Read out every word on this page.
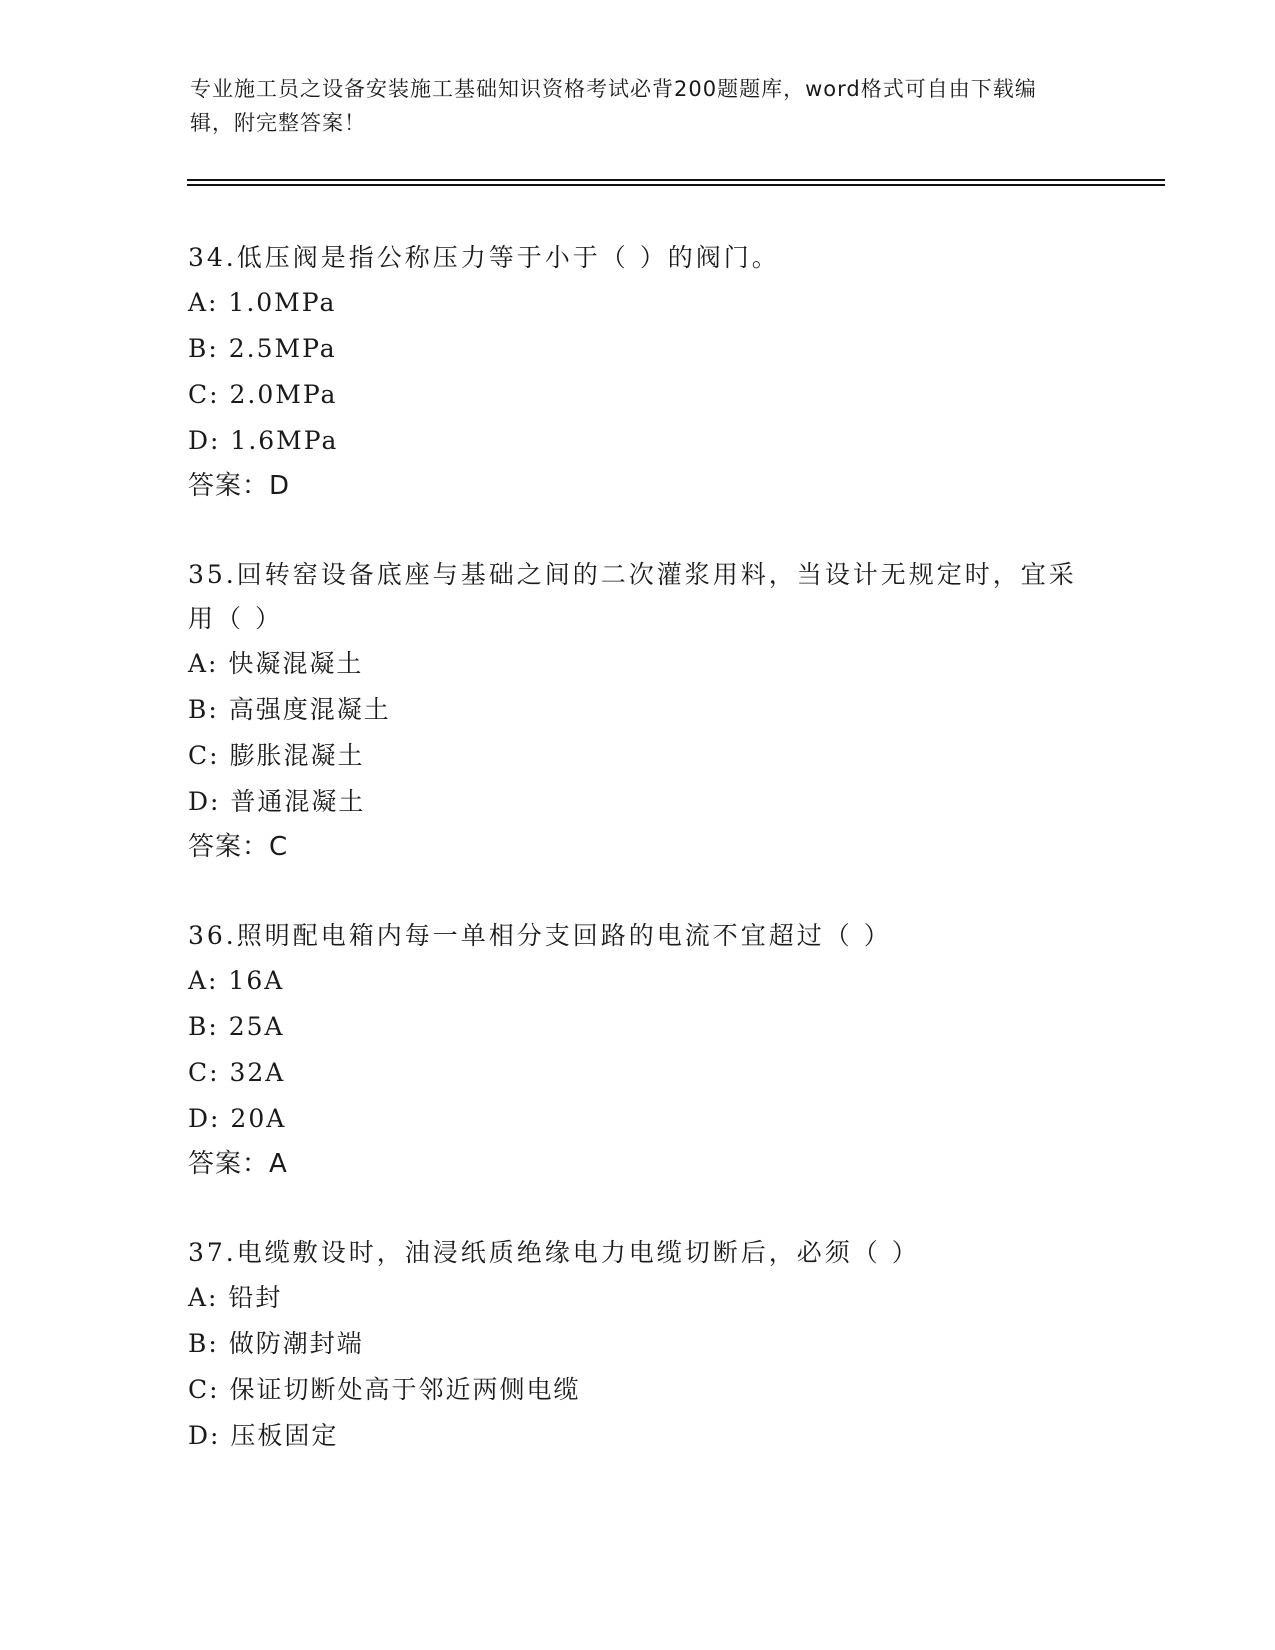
专业施工员之设备安装施工基础知识资格考试必背200题题库，word格式可自由下载编辑，附完整答案！

34.低压阀是指公称压力等于小于（ ）的阀门。

A: 1.0MPa

B: 2.5MPa

C: 2.0MPa

D: 1.6MPa

答案：D

35.回转窑设备底座与基础之间的二次灌浆用料，当设计无规定时，宜采用（ ）

A: 快凝混凝土

B: 高强度混凝土

C: 膨胀混凝土

D: 普通混凝土

答案：C

36.照明配电箱内每一单相分支回路的电流不宜超过（ ）

A: 16A

B: 25A

C: 32A

D: 20A

答案：A

37.电缆敷设时，油浸纸质绝缘电力电缆切断后，必须（ ）

A: 铅封

B: 做防潮封端

C: 保证切断处高于邻近两侧电缆

D: 压板固定
